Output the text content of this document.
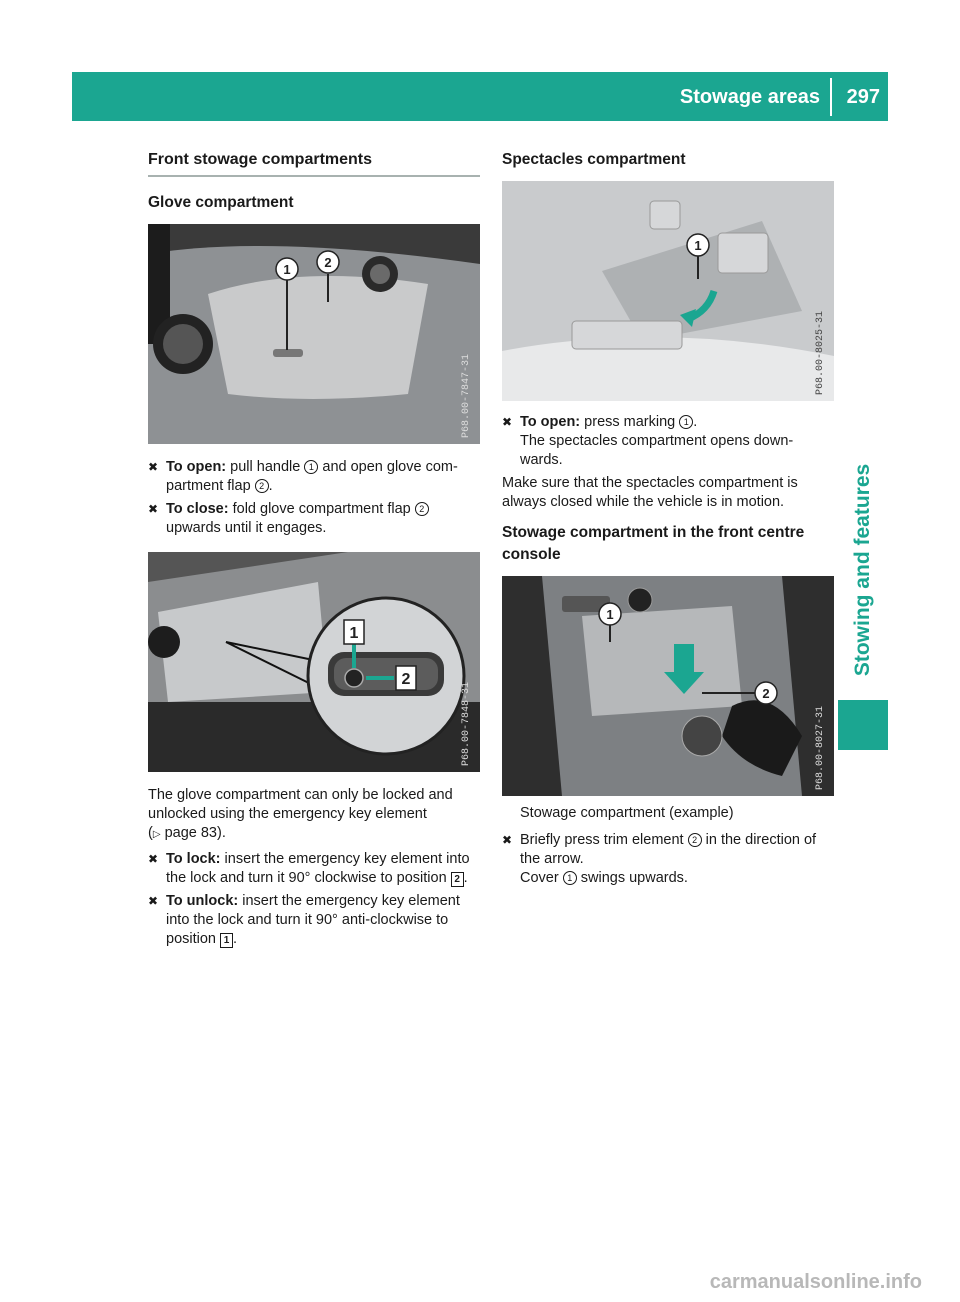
Stowage areas 297
Stowing and features
Front stowage compartments
Glove compartment
1	2
P68.00-7847-31
✖ To open: pull handle 1 and open glove com-partment flap 2 .
✖ To close: fold glove compartment flap 2 upwards until it engages.
1
2
P68.00-7848-31

The glove compartment can only be locked and unlocked using the emergency key element
(▷ page 83).

✖ To lock: insert the emergency key element into the lock and turn it 90° clockwise to position 2 .
✖ To unlock: insert the emergency key element into the lock and turn it 90° anti-clockwise to position 1 .
Spectacles compartment
1
P68.00-8025-31
✖ To open: press marking 1 .
The spectacles compartment opens down-wards.

Make sure that the spectacles compartment is always closed while the vehicle is in motion.

Stowage compartment in the front centre console
1
2
P68.00-8027-31

Stowage compartment (example)

✖ Briefly press trim element 2 in the direction of the arrow.
Cover 1 swings upwards.
carmanualsonline.info
